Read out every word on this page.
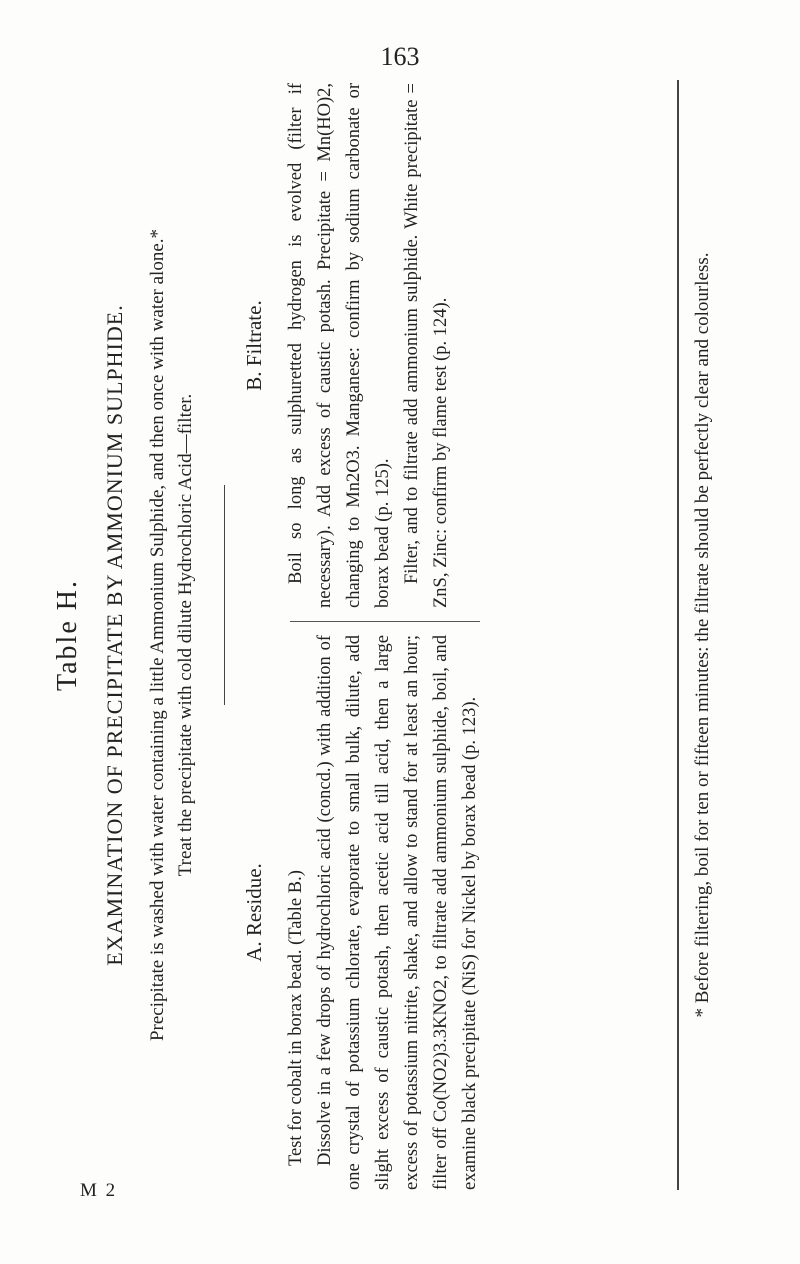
163
Table H. EXAMINATION OF PRECIPITATE BY AMMONIUM SULPHIDE. Precipitate is washed with water containing a little Ammonium Sulphide, and then once with water alone.* Treat the precipitate with cold dilute Hydrochloric Acid—filter.
A. Residue.	Test for cobalt in borax bead. (Table B.) Dissolve in a few drops of hydrochloric acid (concd.) with addition of one crystal of potassium chlorate, evaporate to small bulk, dilute, add slight excess of caustic potash, then acetic acid till acid, then a large excess of potassium nitrite, shake, and allow to stand for at least an hour; filter off Co(NO2)3.3KNO2, to filtrate add ammonium sulphide, boil, and examine black precipitate (NiS) for Nickel by borax bead (p. 123).

B. Filtrate.	Boil so long as sulphuretted hydrogen is evolved (filter if necessary). Add excess of caustic potash. Precipitate = Mn(HO)2, changing to Mn2O3. Manganese: confirm by sodium carbonate or borax bead (p. 125). Filter, and to filtrate add ammonium sulphide. White precipitate = ZnS, Zinc: confirm by flame test (p. 124).	* Before filtering, boil for ten or fifteen minutes: the filtrate should be perfectly clear and colourless.
M 2
